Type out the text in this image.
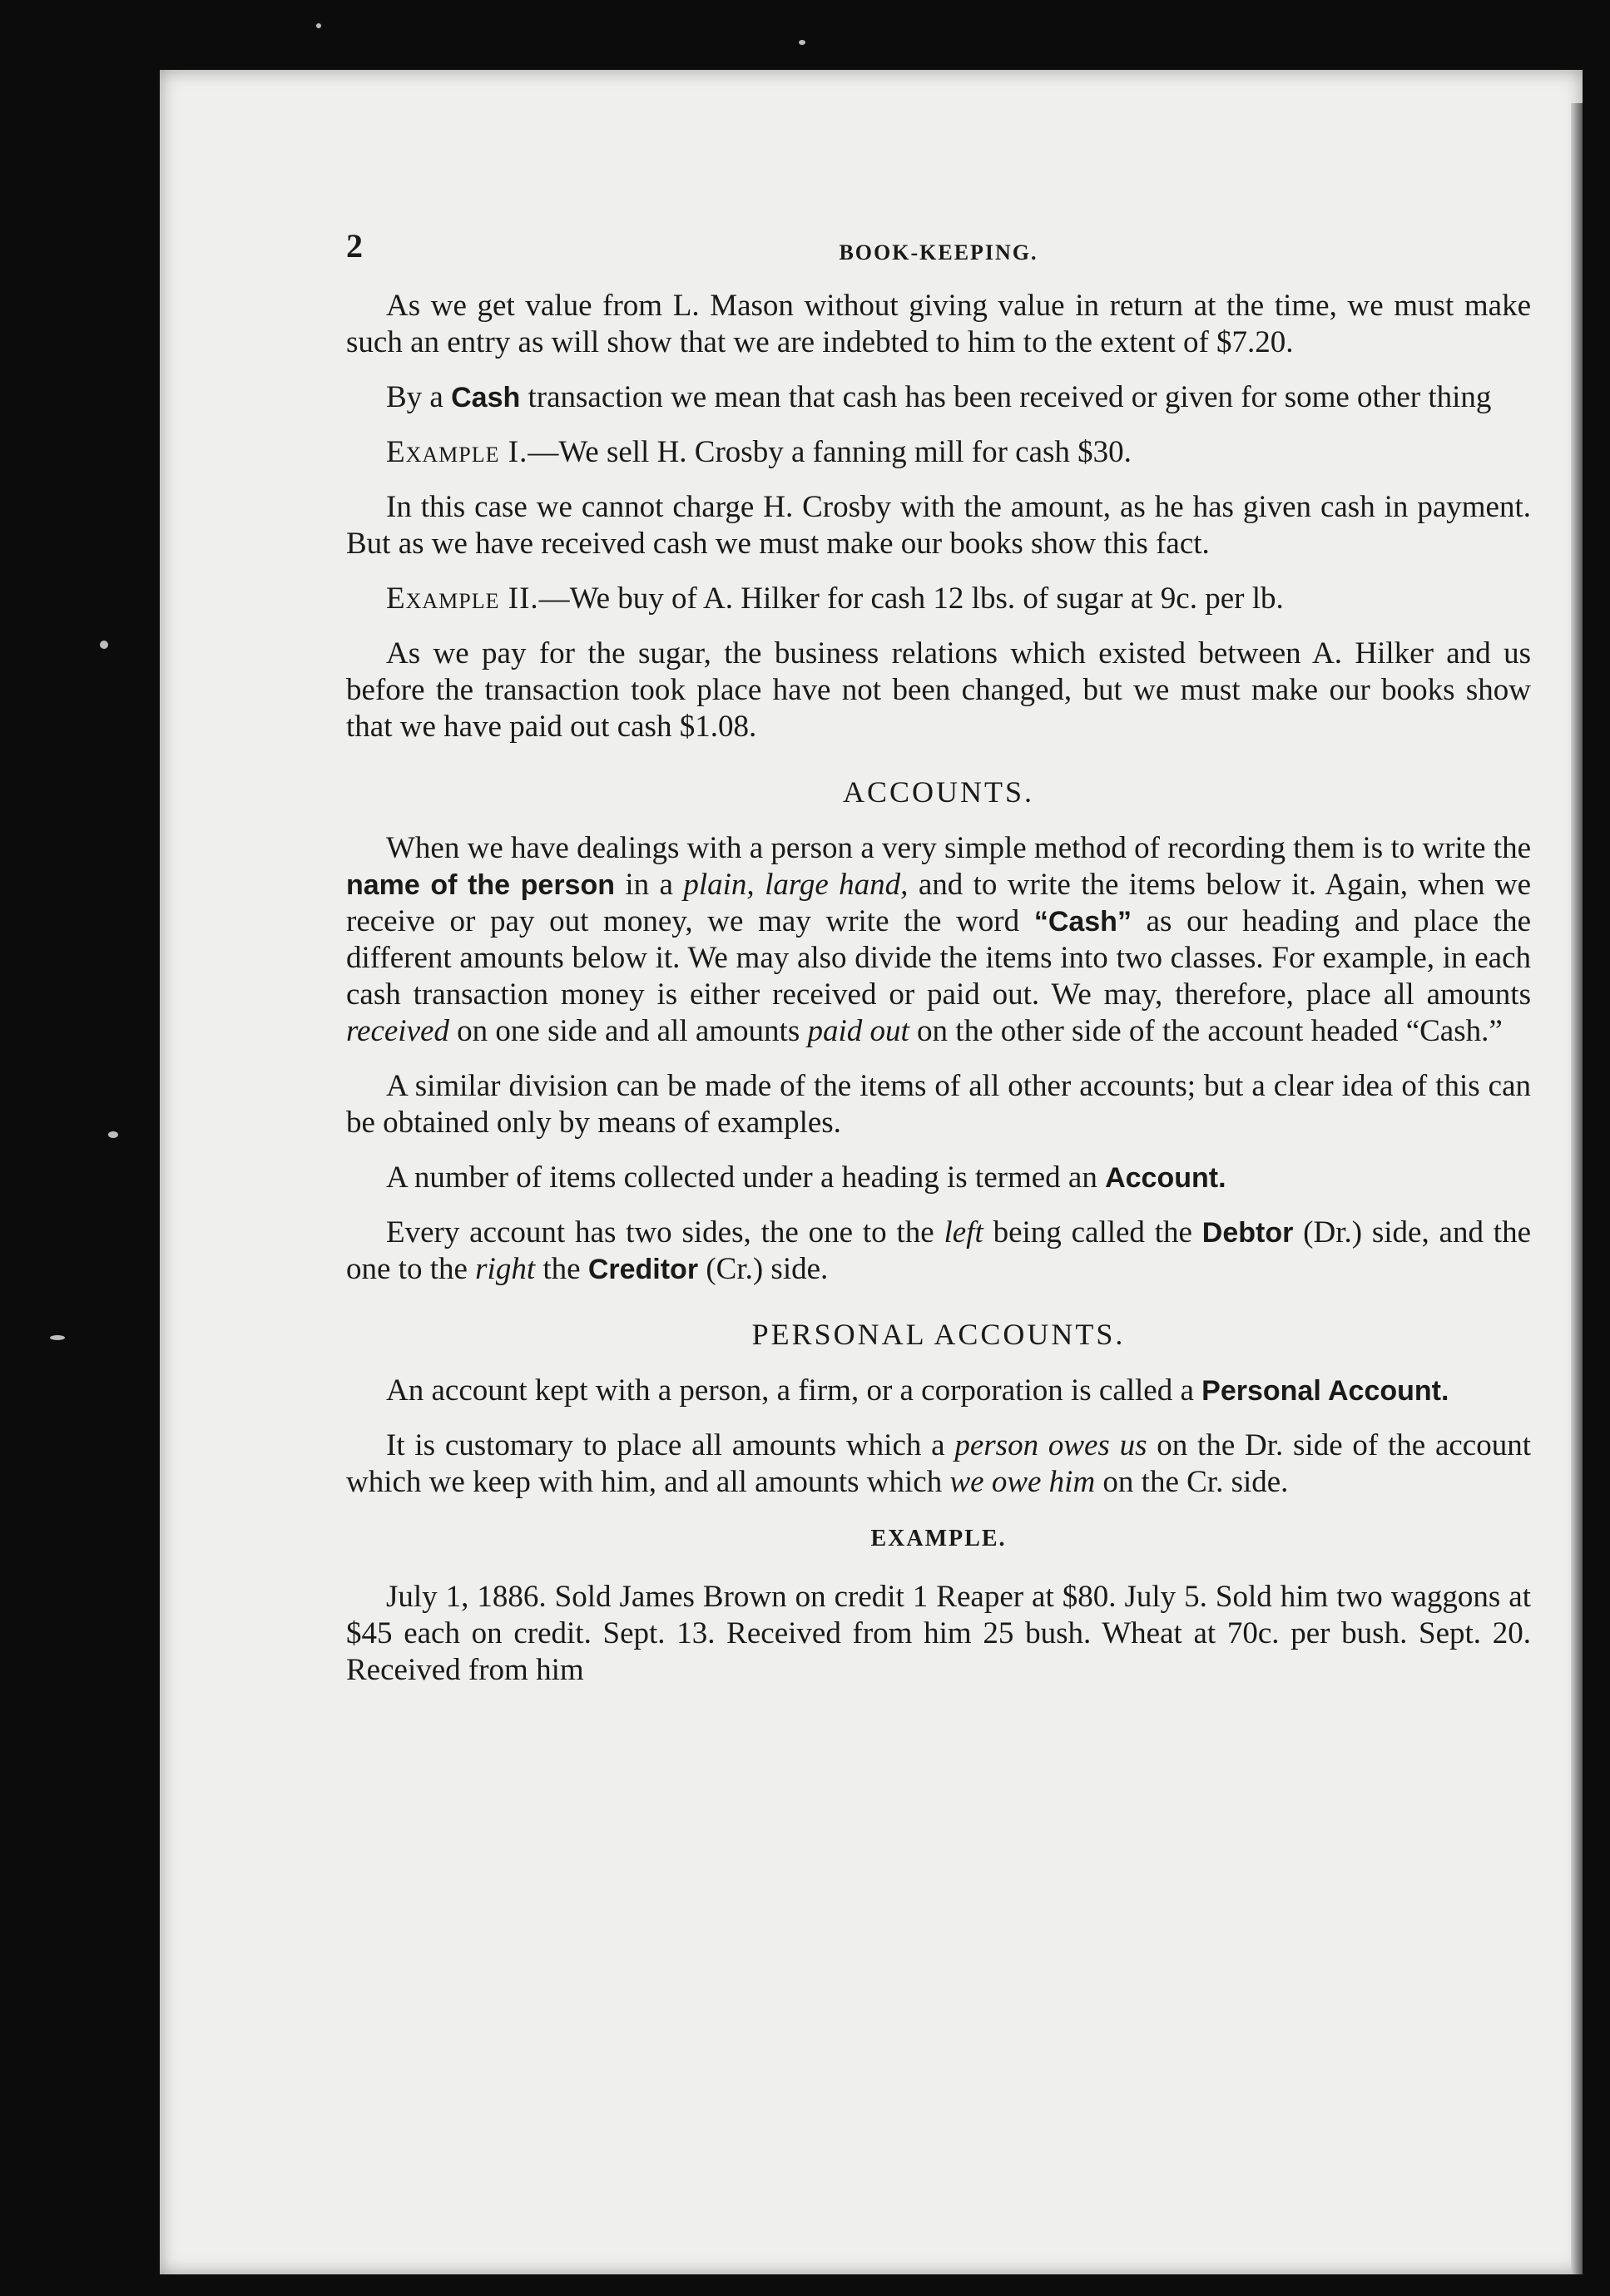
2	BOOK-KEEPING.

As we get value from L. Mason without giving value in return at the time, we must make such an entry as will show that we are indebted to him to the extent of $7.20.

By a Cash transaction we mean that cash has been received or given for some other thing

Example I.—We sell H. Crosby a fanning mill for cash $30.

In this case we cannot charge H. Crosby with the amount, as he has given cash in payment. But as we have received cash we must make our books show this fact.

Example II.—We buy of A. Hilker for cash 12 lbs. of sugar at 9c. per lb.

As we pay for the sugar, the business relations which existed between A. Hilker and us before the transaction took place have not been changed, but we must make our books show that we have paid out cash $1.08.

ACCOUNTS.

When we have dealings with a person a very simple method of recording them is to write the name of the person in a plain, large hand, and to write the items below it. Again, when we receive or pay out money, we may write the word “Cash” as our heading and place the different amounts below it. We may also divide the items into two classes. For example, in each cash transaction money is either received or paid out. We may, therefore, place all amounts received on one side and all amounts paid out on the other side of the account headed “Cash.”

A similar division can be made of the items of all other accounts; but a clear idea of this can be obtained only by means of examples.

A number of items collected under a heading is termed an Account.

Every account has two sides, the one to the left being called the Debtor (Dr.) side, and the one to the right the Creditor (Cr.) side.

PERSONAL ACCOUNTS.

An account kept with a person, a firm, or a corporation is called a Personal Account.

It is customary to place all amounts which a person owes us on the Dr. side of the account which we keep with him, and all amounts which we owe him on the Cr. side.

EXAMPLE.

July 1, 1886. Sold James Brown on credit 1 Reaper at $80. July 5. Sold him two waggons at $45 each on credit. Sept. 13. Received from him 25 bush. Wheat at 70c. per bush. Sept. 20. Received from him
